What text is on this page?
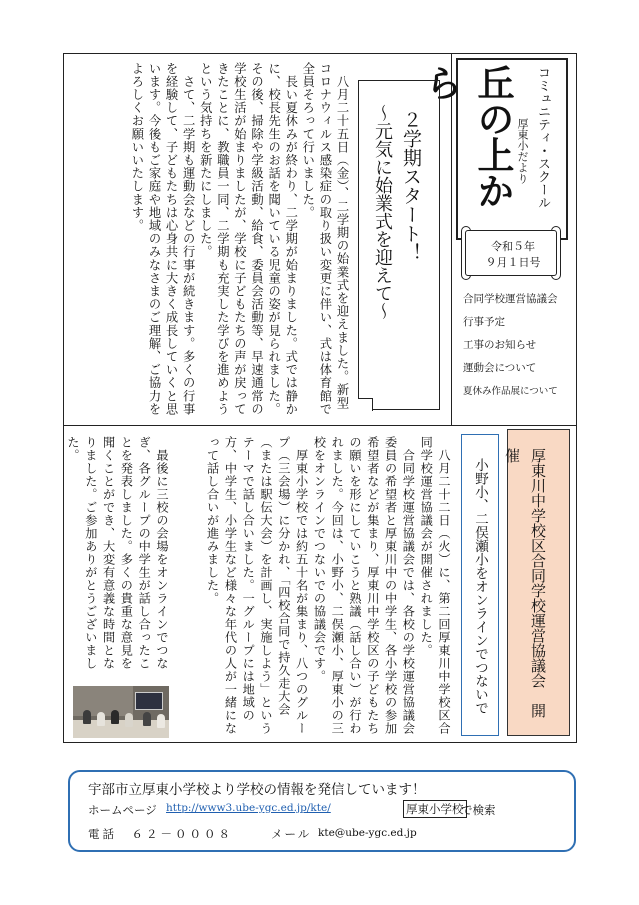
丘の上から	コミュニティ・スクール
厚東小だより
令和５年
９月１日号
合同学校運営協議会
行事予定
工事のお知らせ
運動会について
夏休み作品展について
２学期スタート！
～元気に始業式を迎えて～
　八月二十五日（金）、二学期の始業式を迎えました。新型コロナウィルス感染症の取り扱い変更に伴い、式は体育館で全員そろって行いました。
　長い夏休みが終わり、二学期が始まりました。式では静かに、校長先生のお話を聞いている児童の姿が見られました。その後、掃除や学級活動、給食、委員会活動等、早速通常の学校生活が始まりましたが、学校に子どもたちの声が戻ってきたことに、教職員一同、二学期も充実した学びを進めようという気持ちを新たにしました。
　さて、二学期も運動会などの行事が続きます。多くの行事を経験して、子どもたちは心身共に大きく成長していくと思います。今後もご家庭や地域のみなさまのご理解、ご協力をよろしくお願いいたします。
厚東川中学校区合同学校運営協議会　開催
小野小、二俣瀬小をオンラインでつないで
　八月二十二日（火）に、第二回厚東川中学校区合同学校運営協議会が開催されました。
　合同学校運営協議会では、各校の学校運営協議会委員の希望者と厚東川中の中学生、各小学校の参加希望者などが集まり、厚東川中学校区の子どもたちの願いを形にしていこうと熟議（話し合い）が行われました。今回は、小野小、二俣瀬小、厚東小の三校をオンラインでつないでの協議会です。
　厚東小学校では約五十名が集まり、八つのグループ（三会場）に分かれ、「四校合同で持久走大会（または駅伝大会）を計画し、実施しよう」というテーマで話し合いました。一グループには地域の方、中学生、小学生など様々な年代の人が一緒になって話し合いが進みました。
　最後に三校の会場をオンラインでつなぎ、各グループの中学生が話し合ったことを発表しました。多くの貴重な意見を聞くことができ、大変有意義な時間となりました。ご参加ありがとうございました。
宇部市立厚東小学校より学校の情報を発信しています！
ホームページ http://www3.ube-ygc.ed.jp/kte/	厚東小学校
で検索
電話　６２－０００８	メール kte@ube-ygc.ed.jp
